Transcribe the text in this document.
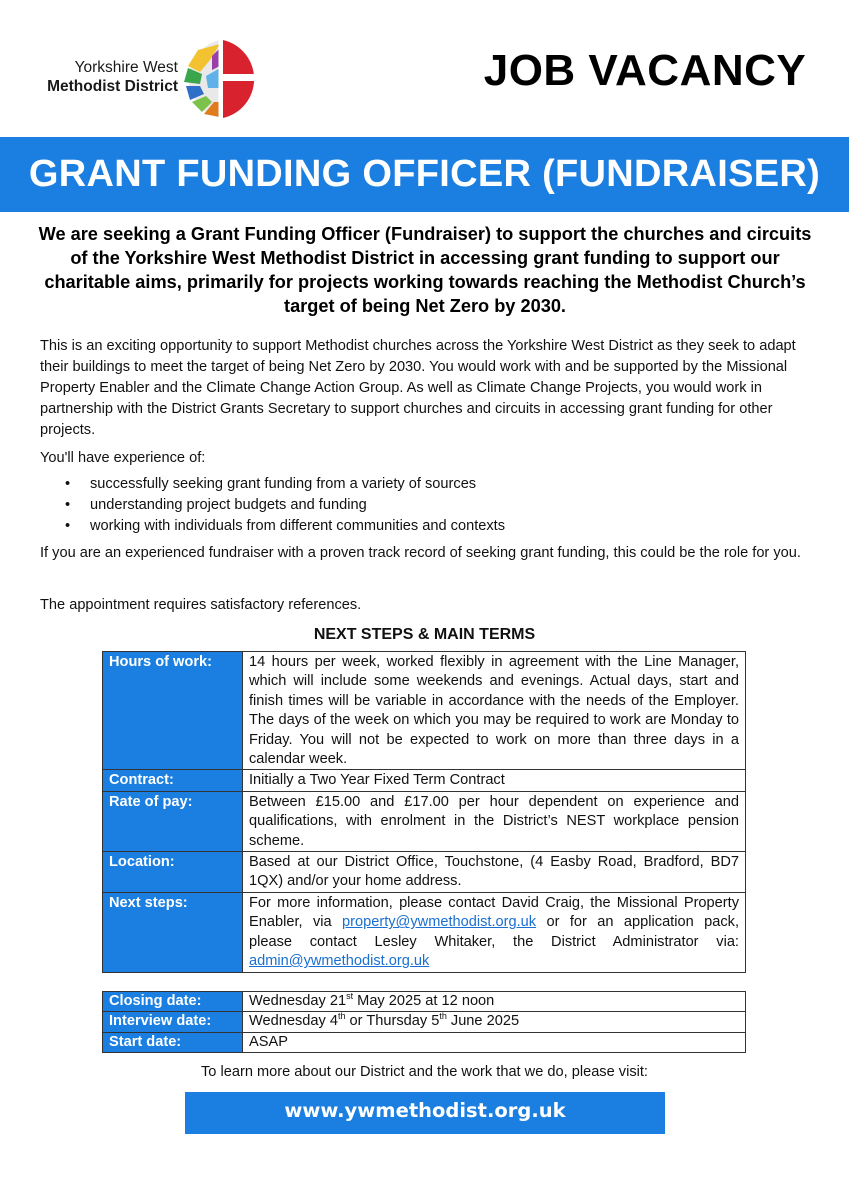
Yorkshire West
Methodist District	JOB VACANCY
GRANT FUNDING OFFICER (FUNDRAISER)
We are seeking a Grant Funding Officer (Fundraiser) to support the churches and circuits of the Yorkshire West Methodist District in accessing grant funding to support our charitable aims, primarily for projects working towards reaching the Methodist Church’s target of being Net Zero by 2030.
This is an exciting opportunity to support Methodist churches across the Yorkshire West District as they seek to adapt their buildings to meet the target of being Net Zero by 2030. You would work with and be supported by the Missional Property Enabler and the Climate Change Action Group. As well as Climate Change Projects, you would work in partnership with the District Grants Secretary to support churches and circuits in accessing grant funding for other projects.
You'll have experience of:
• successfully seeking grant funding from a variety of sources
• understanding project budgets and funding
• working with individuals from different communities and contexts
If you are an experienced fundraiser with a proven track record of seeking grant funding, this could be the role for you.
The appointment requires satisfactory references.
NEXT STEPS & MAIN TERMS
Hours of work:	14 hours per week, worked flexibly in agreement with the Line Manager, which will include some weekends and evenings. Actual days, start and finish times will be variable in accordance with the needs of the Employer. The days of the week on which you may be required to work are Monday to Friday. You will not be expected to work on more than three days in a calendar week.
Contract:	Initially a Two Year Fixed Term Contract
Rate of pay:	Between £15.00 and £17.00 per hour dependent on experience and qualifications, with enrolment in the District’s NEST workplace pension scheme.
Location:	Based at our District Office, Touchstone, (4 Easby Road, Bradford, BD7 1QX) and/or your home address.
Next steps:	For more information, please contact David Craig, the Missional Property Enabler, via property@ywmethodist.org.uk or for an application pack, please contact Lesley Whitaker, the District Administrator via: admin@ywmethodist.org.uk
Closing date:	Wednesday 21st May 2025 at 12 noon
Interview date:	Wednesday 4th or Thursday 5th June 2025
Start date:	ASAP
To learn more about our District and the work that we do, please visit:
www.ywmethodist.org.uk
